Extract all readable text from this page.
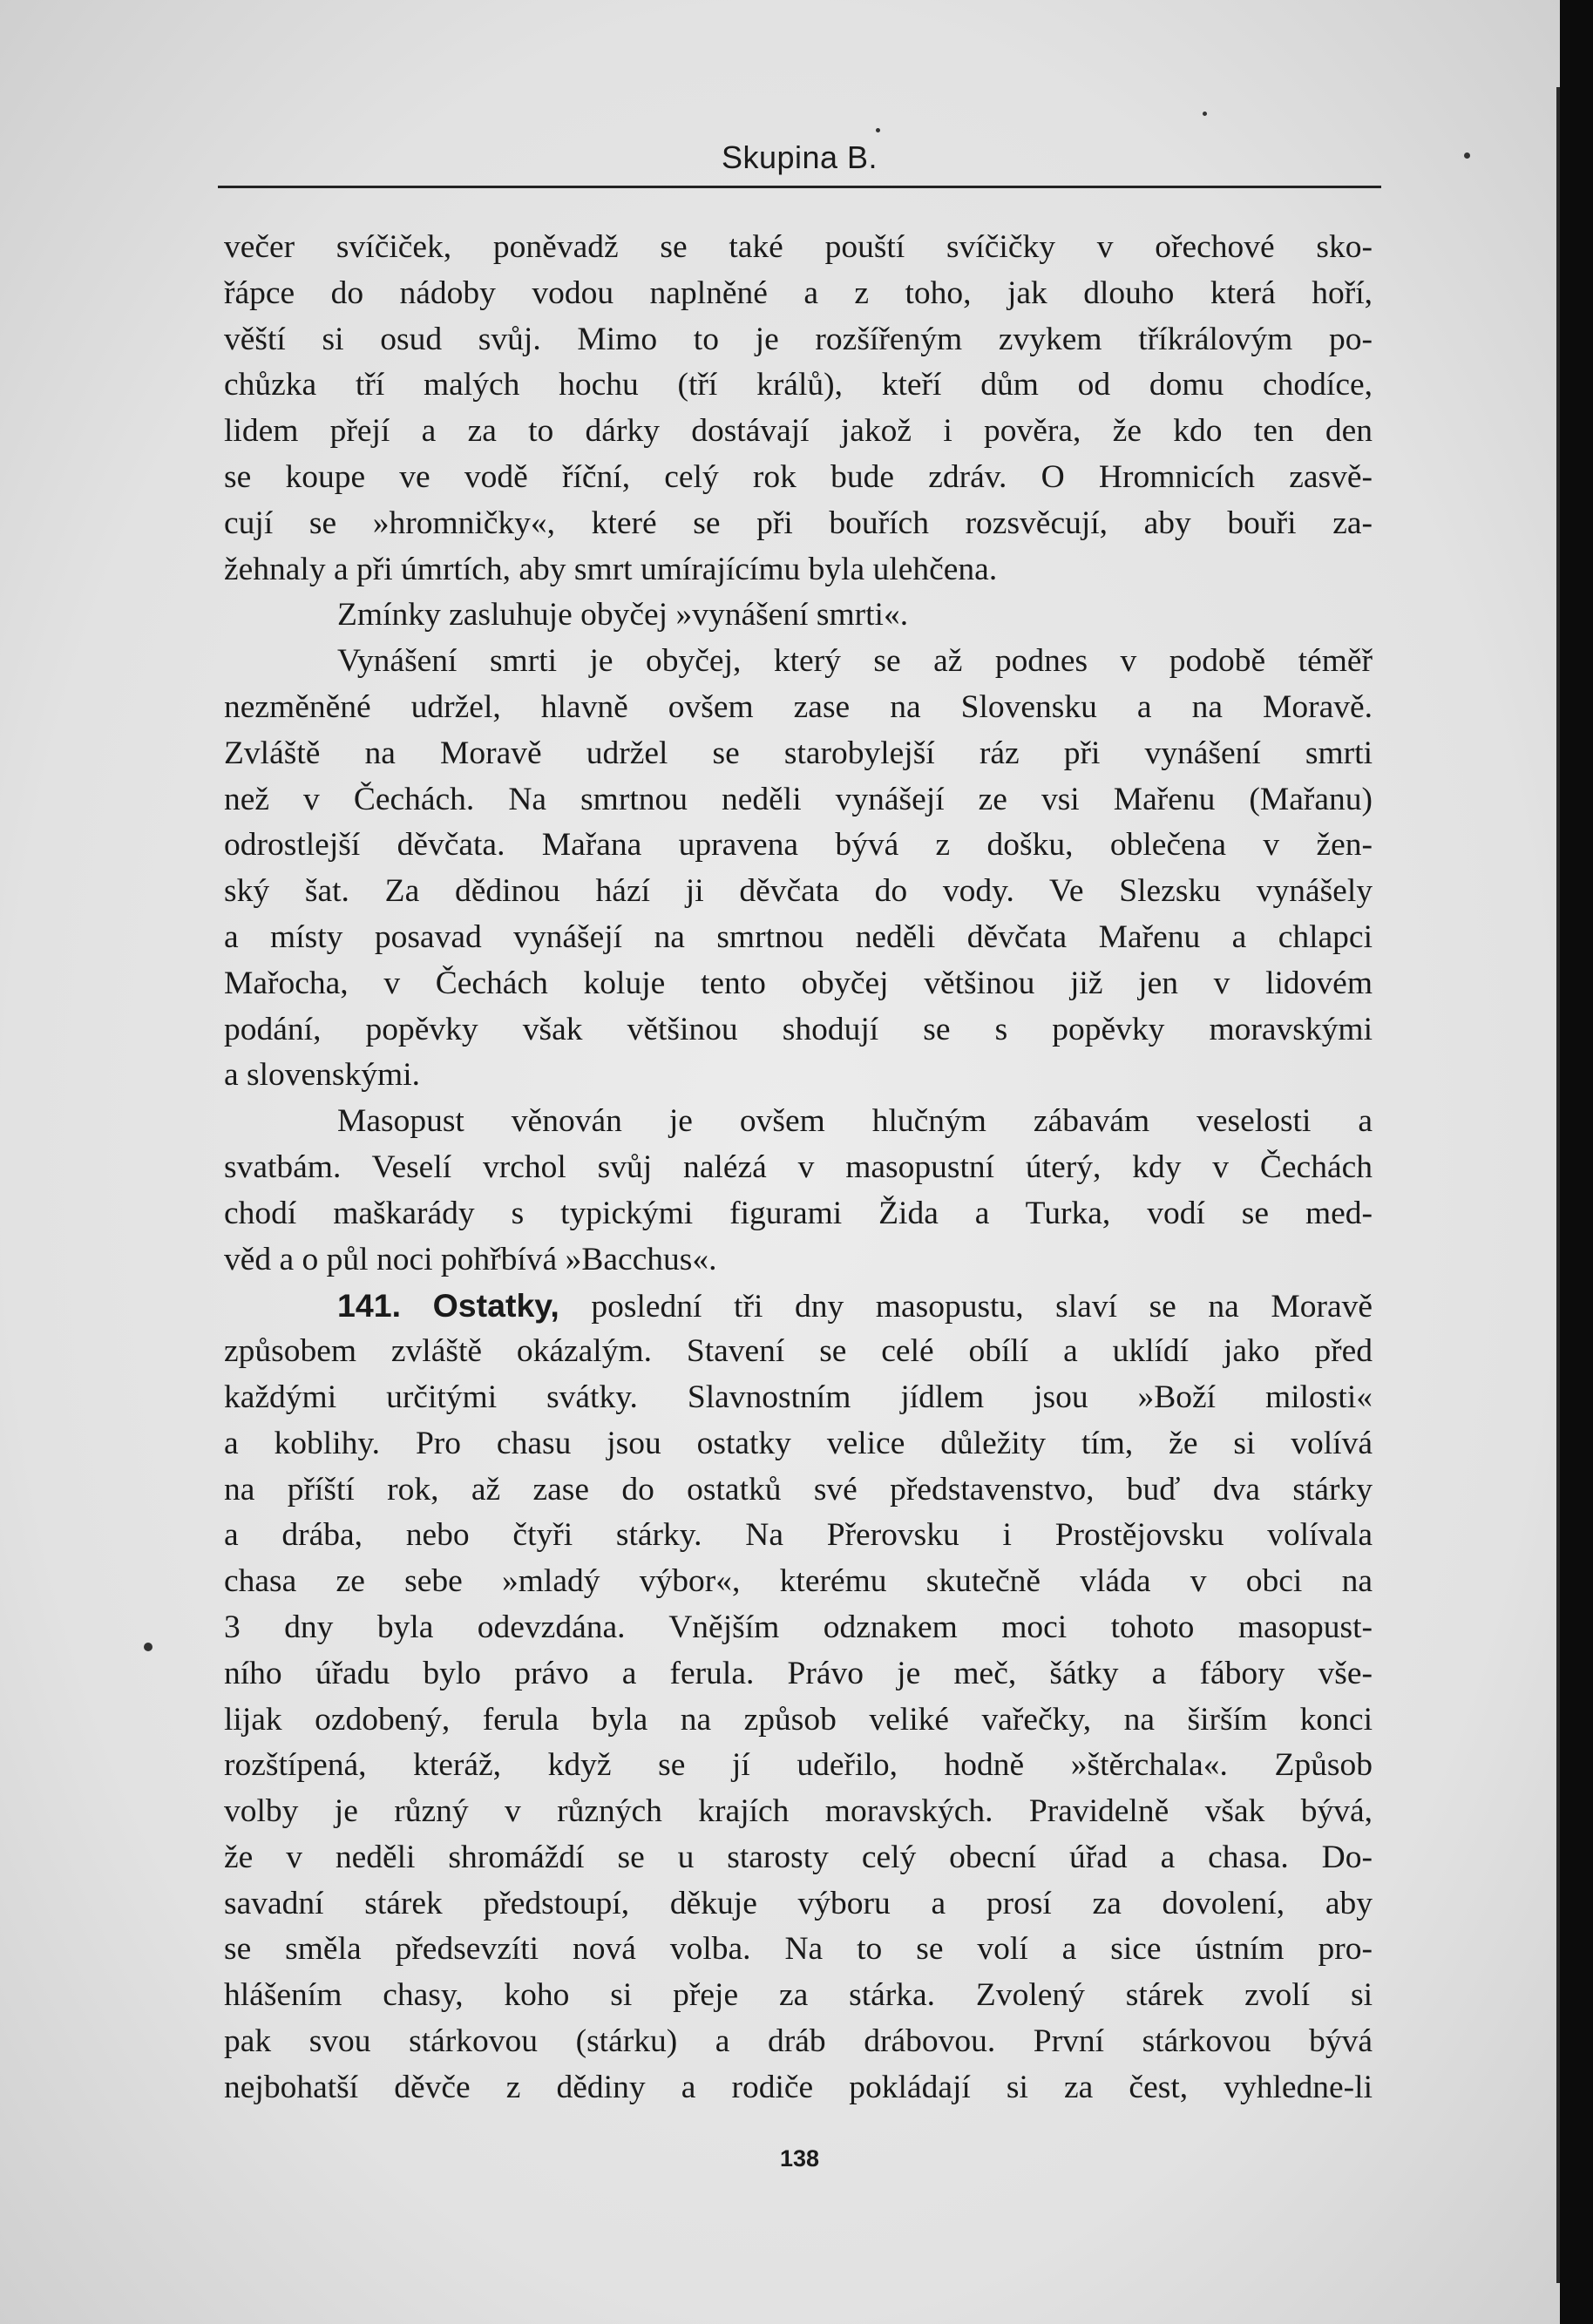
Skupina B.
večer svíčiček, poněvadž se také pouští svíčičky v ořechové sko-
řápce do nádoby vodou naplněné a z toho, jak dlouho která hoří,
věští si osud svůj. Mimo to je rozšířeným zvykem tříkrálovým po-
chůzka tří malých hochu (tří králů), kteří dům od domu chodíce,
lidem přejí a za to dárky dostávají jakož i pověra, že kdo ten den
se koupe ve vodě říční, celý rok bude zdráv. O Hromnicích zasvě-
cují se »hromničky«, které se při bouřích rozsvěcují, aby bouři za-
žehnaly a při úmrtích, aby smrt umírajícímu byla ulehčena.
Zmínky zasluhuje obyčej »vynášení smrti«.
Vynášení smrti je obyčej, který se až podnes v podobě téměř
nezměněné udržel, hlavně ovšem zase na Slovensku a na Moravě.
Zvláště na Moravě udržel se starobylejší ráz při vynášení smrti
než v Čechách. Na smrtnou neděli vynášejí ze vsi Mařenu (Mařanu)
odrostlejší děvčata. Mařana upravena bývá z došku, oblečena v žen-
ský šat. Za dědinou hází ji děvčata do vody. Ve Slezsku vynášely
a místy posavad vynášejí na smrtnou neděli děvčata Mařenu a chlapci
Mařocha, v Čechách koluje tento obyčej většinou již jen v lidovém
podání, popěvky však většinou shodují se s popěvky moravskými
a slovenskými.
Masopust věnován je ovšem hlučným zábavám veselosti a
svatbám. Veselí vrchol svůj nalézá v masopustní úterý, kdy v Čechách
chodí maškarády s typickými figurami Žida a Turka, vodí se med-
věd a o půl noci pohřbívá »Bacchus«.
141. Ostatky, poslední tři dny masopustu, slaví se na Moravě
způsobem zvláště okázalým. Stavení se celé obílí a uklídí jako před
každými určitými svátky. Slavnostním jídlem jsou »Boží milosti«
a koblihy. Pro chasu jsou ostatky velice důležity tím, že si volívá
na příští rok, až zase do ostatků své představenstvo, buď dva stárky
a drába, nebo čtyři stárky. Na Přerovsku i Prostějovsku volívala
chasa ze sebe »mladý výbor«, kterému skutečně vláda v obci na
3 dny byla odevzdána. Vnějším odznakem moci tohoto masopust-
ního úřadu bylo právo a ferula. Právo je meč, šátky a fábory vše-
lijak ozdobený, ferula byla na způsob veliké vařečky, na širším konci
rozštípená, kteráž, když se jí udeřilo, hodně »štěrchala«. Způsob
volby je různý v různých krajích moravských. Pravidelně však bývá,
že v neděli shromáždí se u starosty celý obecní úřad a chasa. Do-
savadní stárek předstoupí, děkuje výboru a prosí za dovolení, aby
se směla předsevzíti nová volba. Na to se volí a sice ústním pro-
hlášením chasy, koho si přeje za stárka. Zvolený stárek zvolí si
pak svou stárkovou (stárku) a dráb drábovou. První stárkovou bývá
nejbohatší děvče z dědiny a rodiče pokládají si za čest, vyhledne-li
138
